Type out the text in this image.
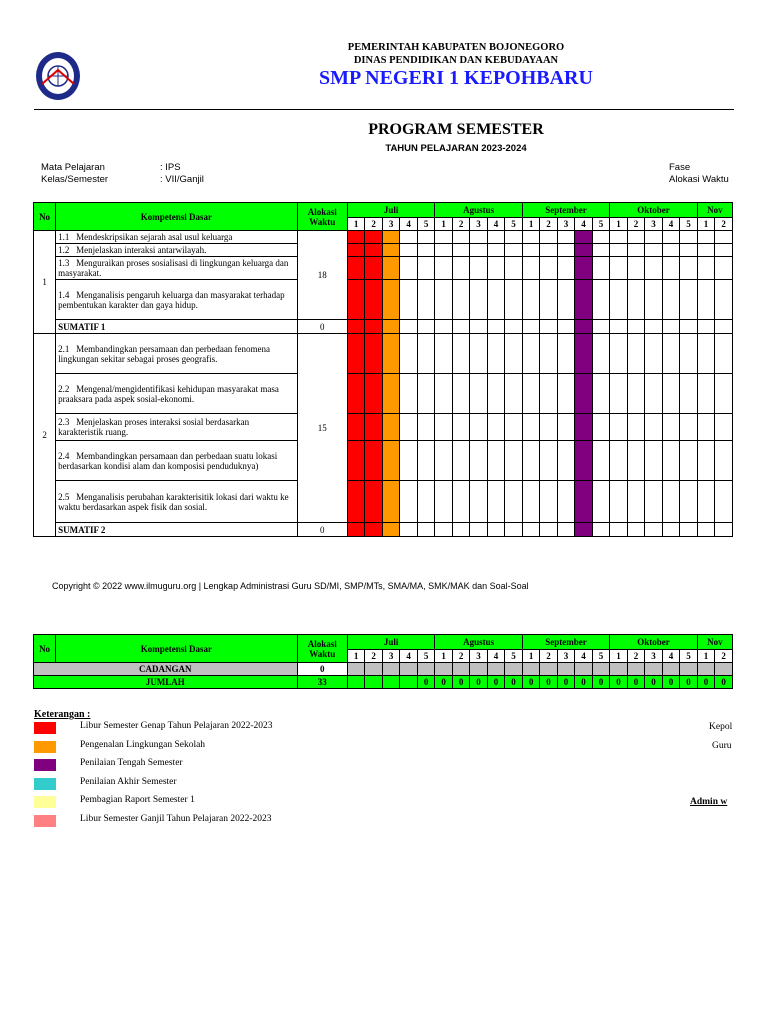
PEMERINTAH KABUPATEN BOJONEGORO
DINAS PENDIDIKAN DAN KEBUDAYAAN
SMP NEGERI 1 KEPOHBARU
PROGRAM SEMESTER
TAHUN PELAJARAN 2023-2024
Mata Pelajaran	: IPS
Kelas/Semester	: VII/Ganjil
Fase
Alokasi Waktu
No	Kompetensi Dasar	Alokasi Waktu	Juli					Agustus					September					Oktober					Nov	
			1	2	3	4	5	1	2	3	4	5	1	2	3	4	5	1	2	3	4	5	1	2
1	1.1 Mendeskripsikan sejarah asal usul keluarga	18																						
	1.2 Menjelaskan interaksi antarwilayah.																							
	1.3 Menguraikan proses sosialisasi di lingkungan keluarga dan masyarakat.																							
	1.4 Menganalisis pengaruh keluarga dan masyarakat terhadap pembentukan karakter dan gaya hidup.																							
	SUMATIF 1	0																						
2	2.1 Membandingkan persamaan dan perbedaan fenomena lingkungan sekitar sebagai proses geografis.	15																						
	2.2 Mengenal/mengidentifikasi kehidupan masyarakat masa praaksara pada aspek sosial-ekonomi.																							
	2.3 Menjelaskan proses interaksi sosial berdasarkan karakteristik ruang.																							
	2.4 Membandingkan persamaan dan perbedaan suatu lokasi berdasarkan kondisi alam dan komposisi penduduknya)																							
	2.5 Menganalisis perubahan karakterisitik lokasi dari waktu ke waktu berdasarkan aspek fisik dan sosial.																							
	SUMATIF 2	0																						
Copyright © 2022 www.ilmuguru.org | Lengkap Administrasi Guru SD/MI, SMP/MTs, SMA/MA, SMK/MAK dan Soal-Soal
No	Kompetensi Dasar	Alokasi Waktu	Juli					Agustus					September					Oktober					Nov	
			1	2	3	4	5	1	2	3	4	5	1	2	3	4	5	1	2	3	4	5	1	2
CADANGAN		0																						
JUMLAH		33					0	0	0	0	0	0	0	0	0	0	0	0	0	0	0	0	0	0
Keterangan :
Libur Semester Genap Tahun Pelajaran 2022-2023
Pengenalan Lingkungan Sekolah
Penilaian Tengah Semester
Penilaian Akhir Semester
Pembagian Raport Semester 1
Libur Semester Ganjil Tahun Pelajaran 2022-2023
Kepol
Guru
Admin w
